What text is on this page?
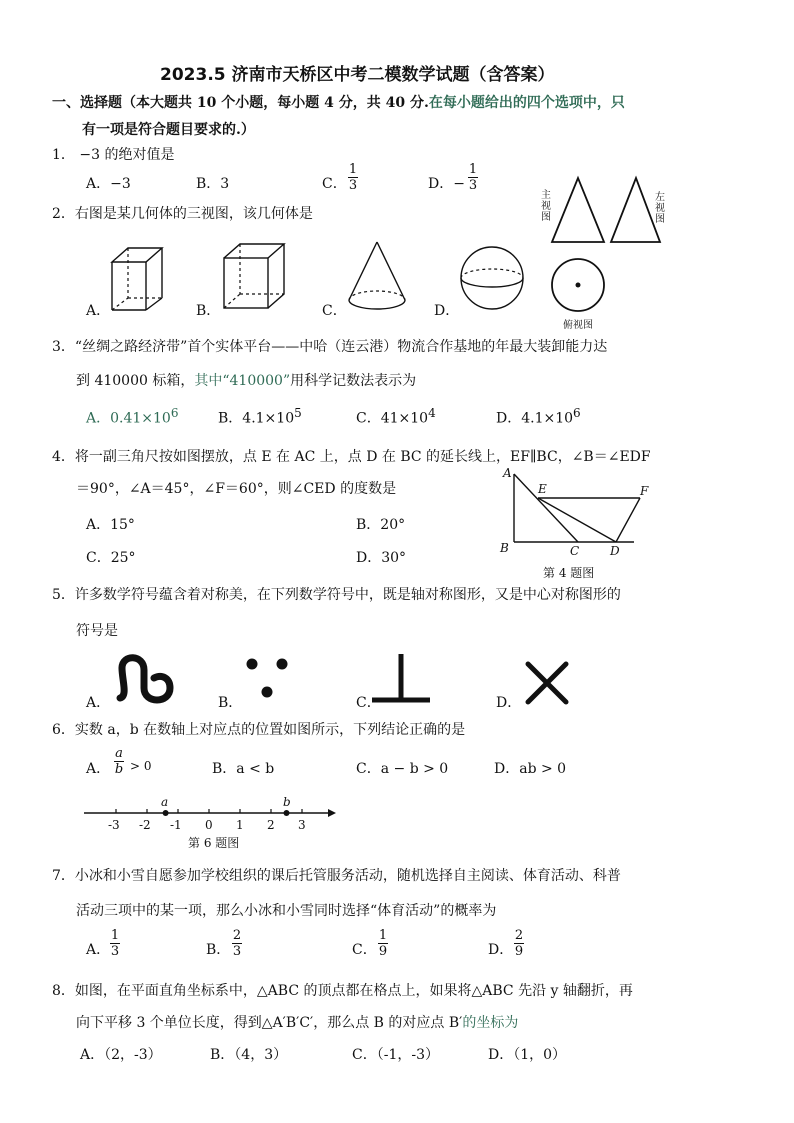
2023.5 济南市天桥区中考二模数学试题（含答案）
一、选择题（本大题共 10 个小题，每小题 4 分，共 40 分.在每小题给出的四个选项中，只
有一项是符合题目要求的.）
1． −3 的绝对值是
A．−3	B．3	C．
1
3	D．−
1
3
2．右图是某几何体的三视图，该几何体是
主视图
左视图
俯视图
A．	B．	C．	D．
3．“丝绸之路经济带”首个实体平台——中哈（连云港）物流合作基地的年最大装卸能力达
到 410000 标箱，其中“410000”用科学记数法表示为
A．$0.41\times 10^6$	B．$4.1\times 10^5$	C．$41\times 10^4$	D．$4.1\times 10^6$
4．将一副三角尺按如图摆放，点 E 在 AC 上，点 D 在 BC 的延长线上，EF∥BC，∠B＝∠EDF
＝90°，∠A＝45°，∠F＝60°，则∠CED 的度数是
A．15°	B．20°
C．25°	D．30°
A
E	F
B	C	D
第 4 题图
5．许多数学符号蕴含着对称美，在下列数学符号中，既是轴对称图形，又是中心对称图形的
符号是
A．	B．	C．	D．
6．实数 a，b 在数轴上对应点的位置如图所示，下列结论正确的是
A．
a
b > 0	B．a < b	C．a − b > 0	D．ab > 0
a	b
-3 -2 -1 0 1 2 3
第 6 题图
7．小冰和小雪自愿参加学校组织的课后托管服务活动，随机选择自主阅读、体育活动、科普
活动三项中的某一项，那么小冰和小雪同时选择“体育活动”的概率为
A．
1
3	B．
2
3	C．
1
9	D．
2
9
8．如图，在平面直角坐标系中，△ABC 的顶点都在格点上，如果将△ABC 先沿 y 轴翻折，再
向下平移 3 个单位长度，得到△A′B′C′，那么点 B 的对应点 B′的坐标为
A．（2，-3）	B．（4，3）	C．（-1，-3）	D．（1，0）
